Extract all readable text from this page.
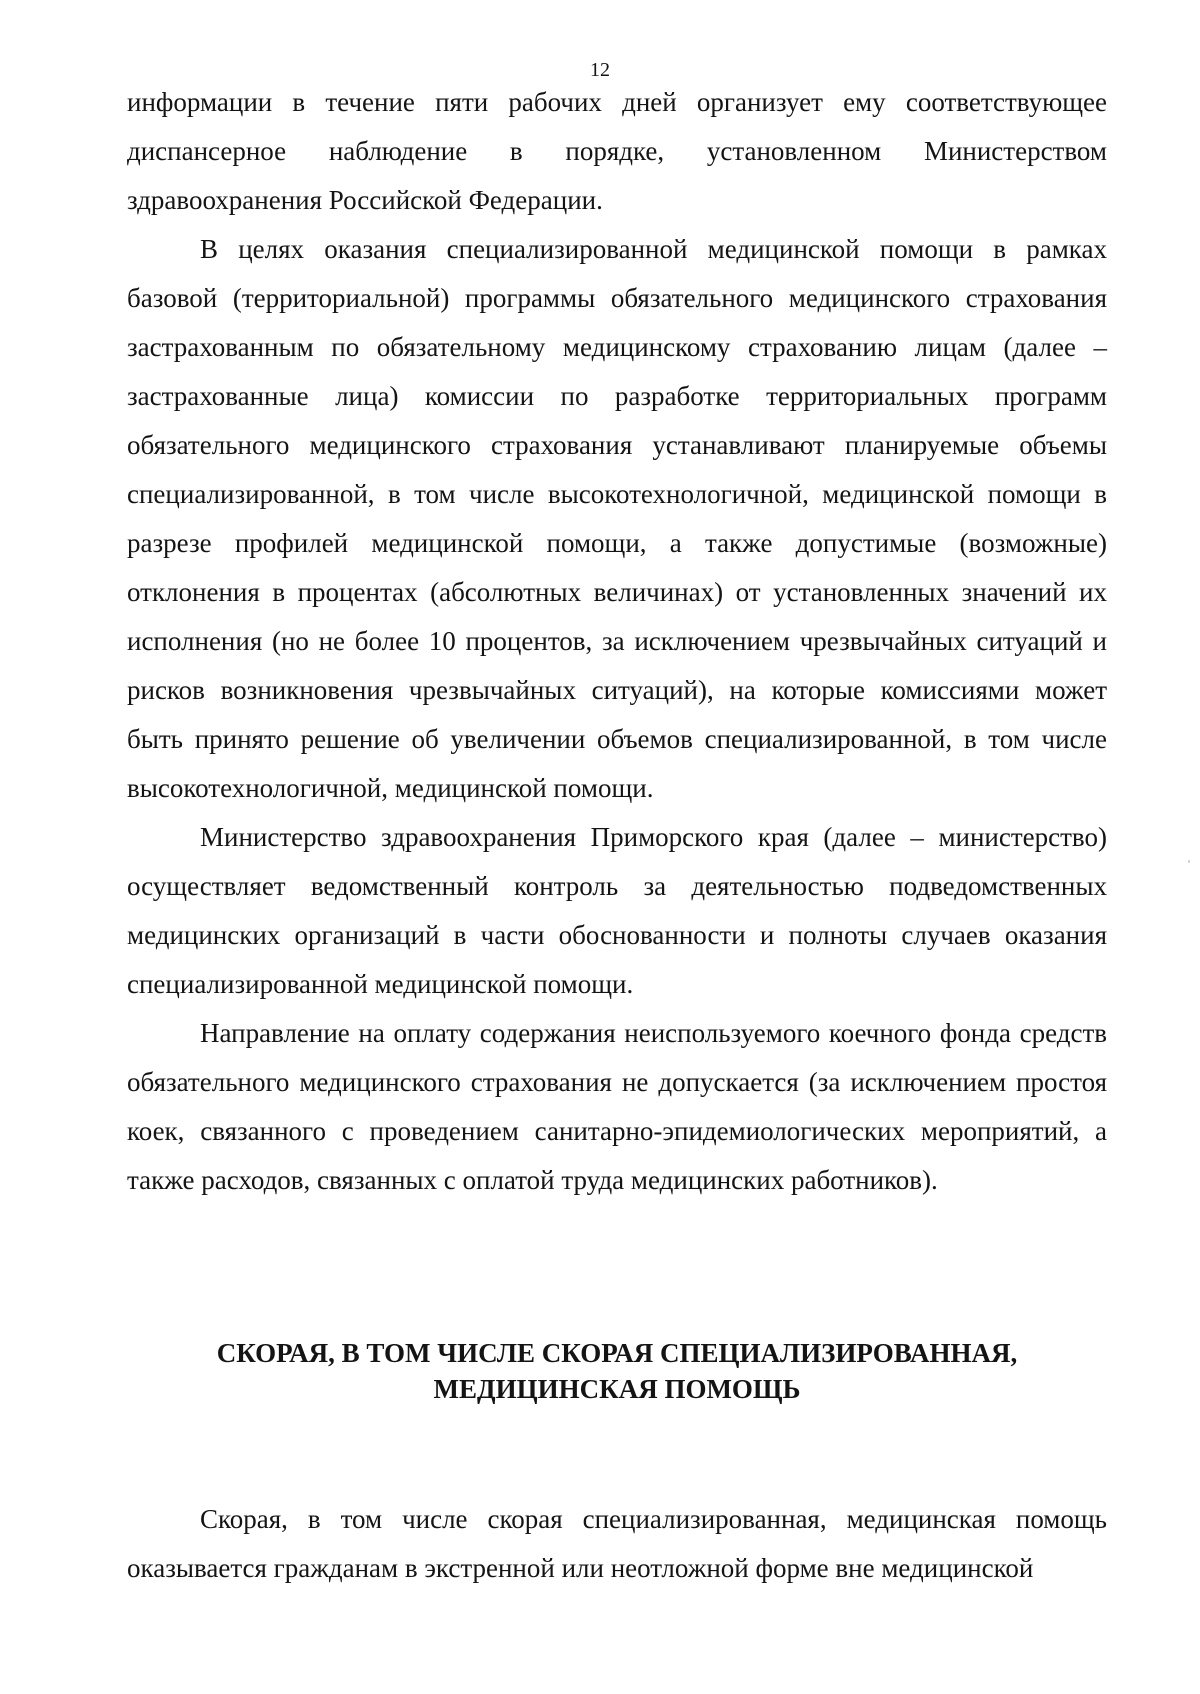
12

информации в течение пяти рабочих дней организует ему соответствующее диспансерное наблюдение в порядке, установленном Министерством здравоохранения Российской Федерации.

В целях оказания специализированной медицинской помощи в рамках базовой (территориальной) программы обязательного медицинского страхования застрахованным по обязательному медицинскому страхованию лицам (далее – застрахованные лица) комиссии по разработке территориальных программ обязательного медицинского страхования устанавливают планируемые объемы специализированной, в том числе высокотехнологичной, медицинской помощи в разрезе профилей медицинской помощи, а также допустимые (возможные) отклонения в процентах (абсолютных величинах) от установленных значений их исполнения (но не более 10 процентов, за исключением чрезвычайных ситуаций и рисков возникновения чрезвычайных ситуаций), на которые комиссиями может быть принято решение об увеличении объемов специализированной, в том числе высокотехнологичной, медицинской помощи.

Министерство здравоохранения Приморского края (далее – министерство) осуществляет ведомственный контроль за деятельностью подведомственных медицинских организаций в части обоснованности и полноты случаев оказания специализированной медицинской помощи.

Направление на оплату содержания неиспользуемого коечного фонда средств обязательного медицинского страхования не допускается (за исключением простоя коек, связанного с проведением санитарно-эпидемиологических мероприятий, а также расходов, связанных с оплатой труда медицинских работников).

СКОРАЯ, В ТОМ ЧИСЛЕ СКОРАЯ СПЕЦИАЛИЗИРОВАННАЯ,
МЕДИЦИНСКАЯ ПОМОЩЬ

Скорая, в том числе скорая специализированная, медицинская помощь оказывается гражданам в экстренной или неотложной форме вне медицинской
